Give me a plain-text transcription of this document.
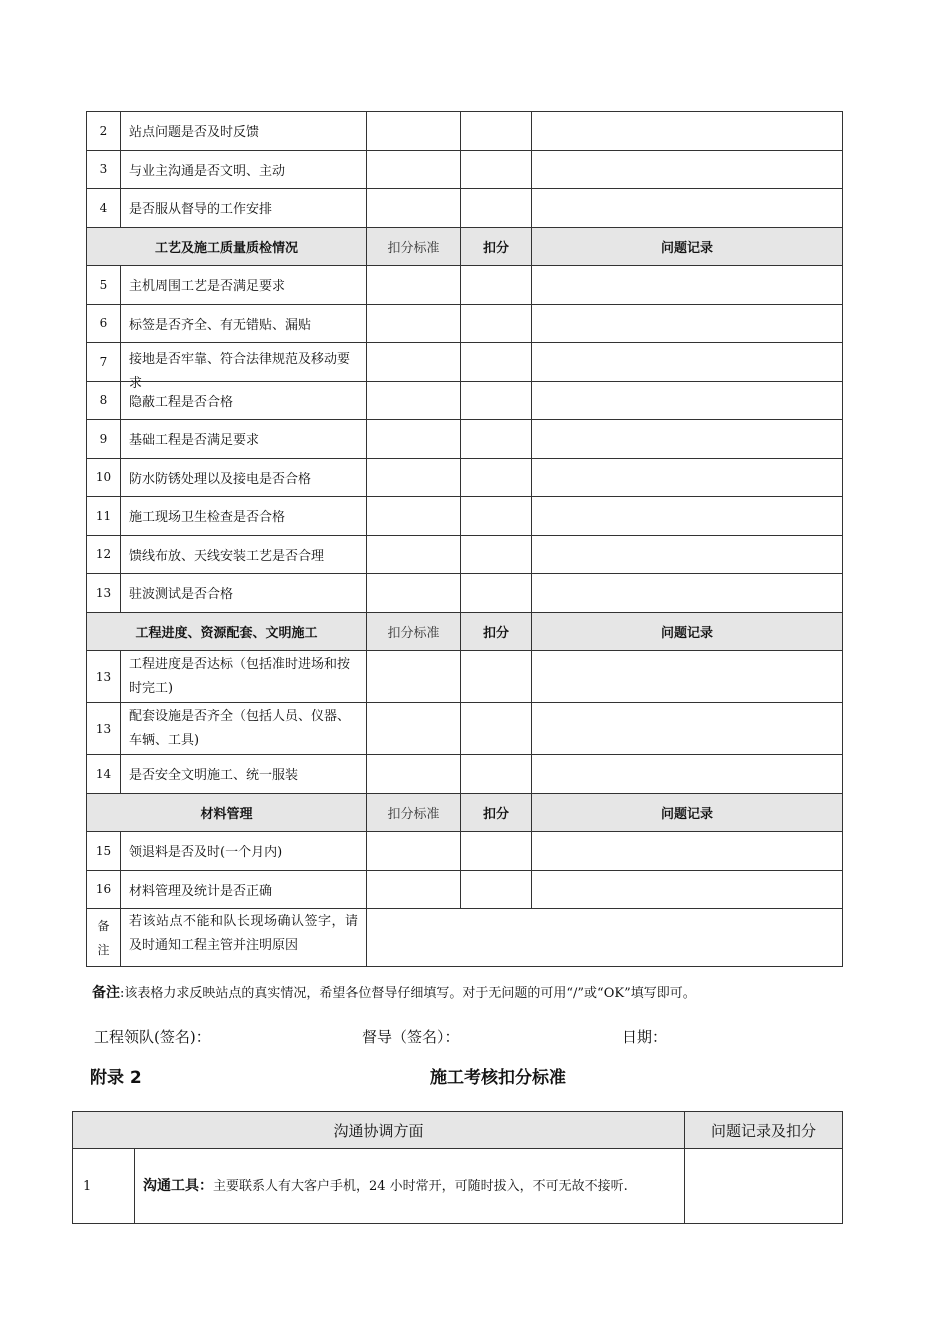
2	站点问题是否及时反馈			

3	与业主沟通是否文明、主动			

4	是否服从督导的工作安排			

工艺及施工质量质检情况		扣分标准	扣分	问题记录
5	主机周围工艺是否满足要求			

6	标签是否齐全、有无错贴、漏贴			

7	接地是否牢靠、符合法律规范及移动要求			

8	隐蔽工程是否合格			

9	基础工程是否满足要求			

10	防水防锈处理以及接电是否合格			

11	施工现场卫生检查是否合格			

12	馈线布放、天线安装工艺是否合理			

13	驻波测试是否合格			

工程进度、资源配套、文明施工		扣分标准	扣分	问题记录
13	工程进度是否达标（包括准时进场和按时完工)			

13	配套设施是否齐全（包括人员、仪器、车辆、工具)			

14	是否安全文明施工、统一服装			

材料管理		扣分标准	扣分	问题记录
15	领退料是否及时(一个月内)			

16	材料管理及统计是否正确			

备注	若该站点不能和队长现场确认签字，请及时通知工程主管并注明原因			

备注:该表格力求反映站点的真实情况，希望各位督导仔细填写。对于无问题的可用“/”或“OK”填写即可。
工程领队(签名)：	督导（签名）：	日期：
附录 2	施工考核扣分标准
沟通协调方面		问题记录及扣分
1	沟通工具：主要联系人有大客户手机，24 小时常开，可随时拔入，不可无故不接听.	
